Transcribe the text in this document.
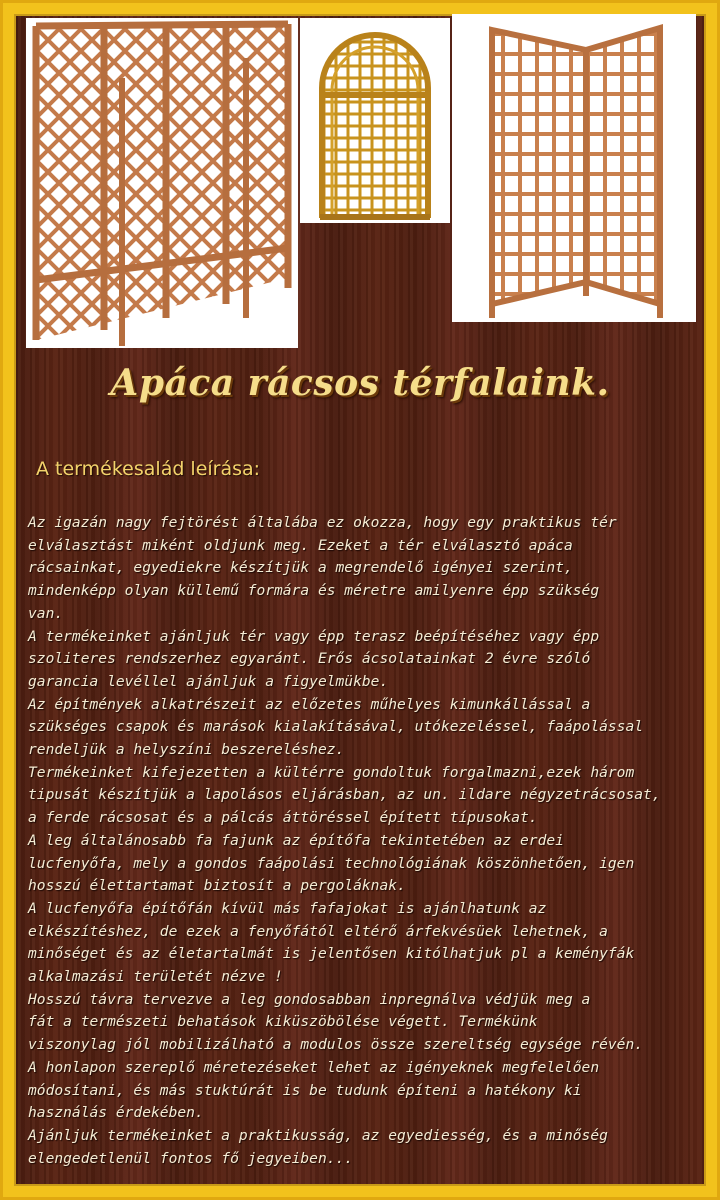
Apáca rácsos térfalaink.
A termékesalád leírása:

Az igazán nagy fejtörést általába ez okozza, hogy egy praktikus tér
elválasztást miként oldjunk meg. Ezeket a tér elválasztó apáca
rácsainkat, egyediekre készítjük a megrendelő igényei szerint,
mindenképp olyan küllemű formára és méretre amilyenre épp szükség
van.

A termékeinket ajánljuk tér vagy épp terasz beépítéséhez vagy épp
szoliteres rendszerhez egyaránt. Erős ácsolatainkat 2 évre szóló
garancia levéllel ajánljuk a figyelmükbe.

Az építmények alkatrészeit az előzetes műhelyes kimunkállással a
szükséges csapok és marások kialakításával, utókezeléssel, faápolással
rendeljük a helyszíni beszereléshez.

Termékeinket kifejezetten a kültérre gondoltuk forgalmazni,ezek három
tipusát készítjük a lapolásos eljárásban, az un. ildare négyzetrácsosat,
a ferde rácsosat és a pálcás áttöréssel épített típusokat.

A leg általánosabb fa fajunk az építőfa tekintetében az erdei
lucfenyőfa, mely a gondos faápolási technológiának köszönhetően, igen
hosszú élettartamat biztosít a pergoláknak.

A lucfenyőfa építőfán kívül más fafajokat is ajánlhatunk az
elkészítéshez, de ezek a fenyőfától eltérő árfekvésüek lehetnek, a
minőséget és az életartalmát is jelentősen kitólhatjuk pl a keményfák
alkalmazási területét nézve !

Hosszú távra tervezve a leg gondosabban inpregnálva védjük meg a
fát a természeti behatások kiküszöbölése végett. Termékünk
viszonylag jól mobilizálható a modulos össze szereltség egysége révén.

A honlapon szereplő méretezéseket lehet az igényeknek megfelelően
módosítani, és más stuktúrát is be tudunk építeni a hatékony ki
használás érdekében.

Ajánljuk termékeinket a praktikusság, az egyediesség, és a minőség
elengedetlenül fontos fő jegyeiben...
